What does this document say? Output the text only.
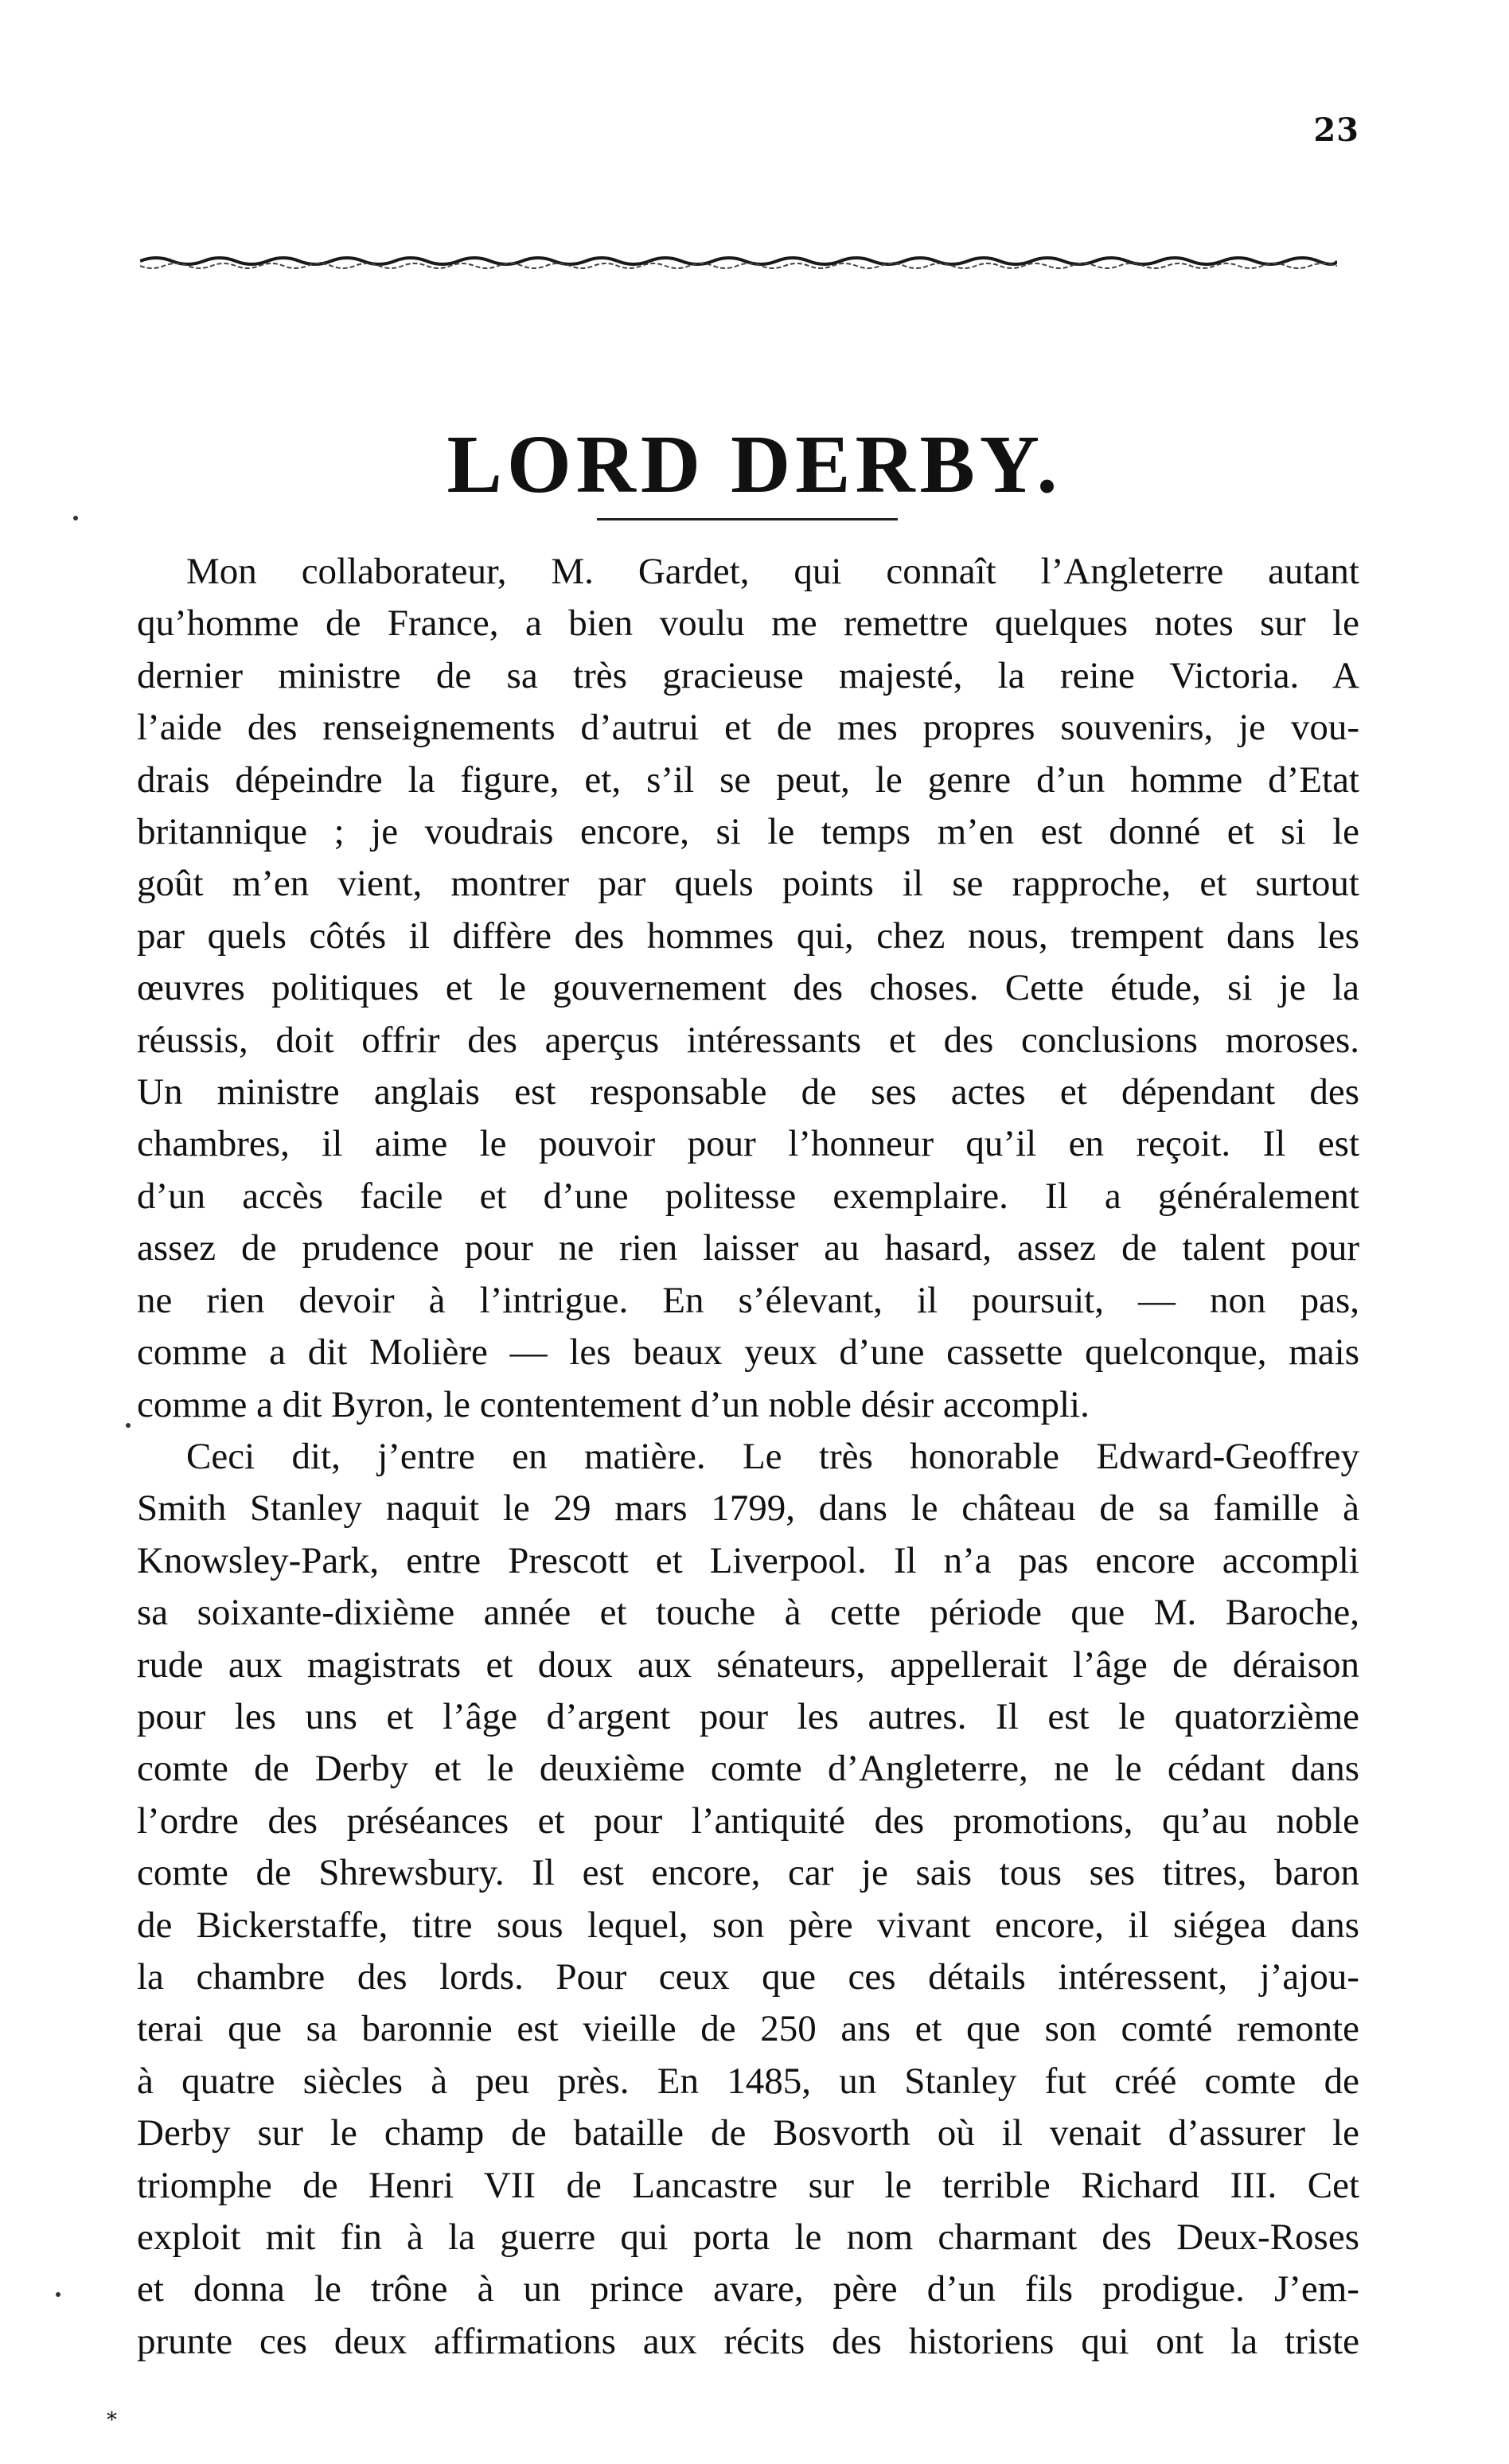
23
LORD DERBY.

Mon collaborateur, M. Gardet, qui connaît l’Angleterre autant

qu’homme de France, a bien voulu me remettre quelques notes sur le

dernier ministre de sa très gracieuse majesté, la reine Victoria. A

l’aide des renseignements d’autrui et de mes propres souvenirs, je vou-

drais dépeindre la figure, et, s’il se peut, le genre d’un homme d’Etat

britannique ; je voudrais encore, si le temps m’en est donné et si le

goût m’en vient, montrer par quels points il se rapproche, et surtout

par quels côtés il diffère des hommes qui, chez nous, trempent dans les

œuvres politiques et le gouvernement des choses. Cette étude, si je la

réussis, doit offrir des aperçus intéressants et des conclusions moroses.

Un ministre anglais est responsable de ses actes et dépendant des

chambres, il aime le pouvoir pour l’honneur qu’il en reçoit. Il est

d’un accès facile et d’une politesse exemplaire. Il a généralement

assez de prudence pour ne rien laisser au hasard, assez de talent pour

ne rien devoir à l’intrigue. En s’élevant, il poursuit, — non pas,

comme a dit Molière — les beaux yeux d’une cassette quelconque, mais

comme a dit Byron, le contentement d’un noble désir accompli.

Ceci dit, j’entre en matière. Le très honorable Edward-Geoffrey

Smith Stanley naquit le 29 mars 1799, dans le château de sa famille à

Knowsley-Park, entre Prescott et Liverpool. Il n’a pas encore accompli

sa soixante-dixième année et touche à cette période que M. Baroche,

rude aux magistrats et doux aux sénateurs, appellerait l’âge de déraison

pour les uns et l’âge d’argent pour les autres. Il est le quatorzième

comte de Derby et le deuxième comte d’Angleterre, ne le cédant dans

l’ordre des préséances et pour l’antiquité des promotions, qu’au noble

comte de Shrewsbury. Il est encore, car je sais tous ses titres, baron

de Bickerstaffe, titre sous lequel, son père vivant encore, il siégea dans

la chambre des lords. Pour ceux que ces détails intéressent, j’ajou-

terai que sa baronnie est vieille de 250 ans et que son comté remonte

à quatre siècles à peu près. En 1485, un Stanley fut créé comte de

Derby sur le champ de bataille de Bosvorth où il venait d’assurer le

triomphe de Henri VII de Lancastre sur le terrible Richard III. Cet

exploit mit fin à la guerre qui porta le nom charmant des Deux-Roses

et donna le trône à un prince avare, père d’un fils prodigue. J’em-

prunte ces deux affirmations aux récits des historiens qui ont la triste

*
